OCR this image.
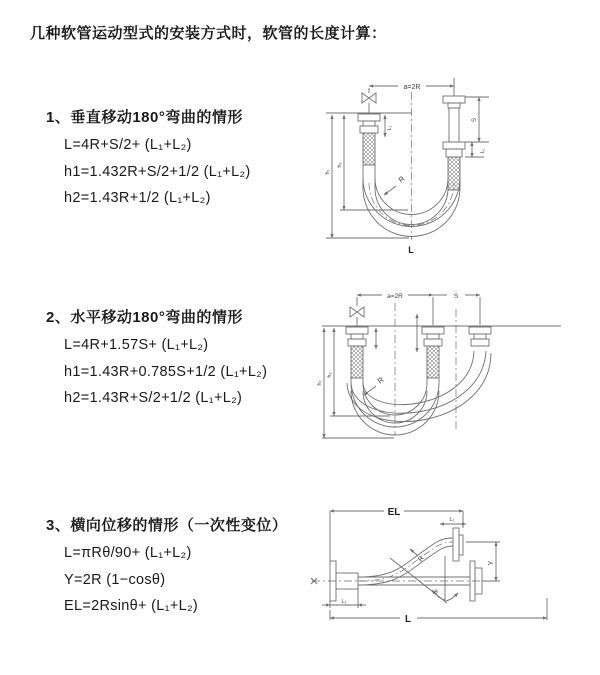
几种软管运动型式的安装方式时，软管的长度计算：
1、垂直移动180°弯曲的情形
L=4R+S/2+ (L₁+L₂)
h1=1.432R+S/2+1/2 (L₁+L₂)
h2=1.43R+1/2 (L₁+L₂)
2、水平移动180°弯曲的情形
L=4R+1.57S+ (L₁+L₂)
h1=1.43R+0.785S+1/2 (L₁+L₂)
h2=1.43R+S/2+1/2 (L₁+L₂)
3、横向位移的情形（一次性变位）
L=πRθ/90+ (L₁+L₂)
Y=2R (1−cosθ)
EL=2Rsinθ+ (L₁+L₂)
a=2R
L₁
h₂
h₁
S
L₁
R
L
a=2R	S
h₂
h₁	R
EL
L₁
L₁
L
Y
R
θ
